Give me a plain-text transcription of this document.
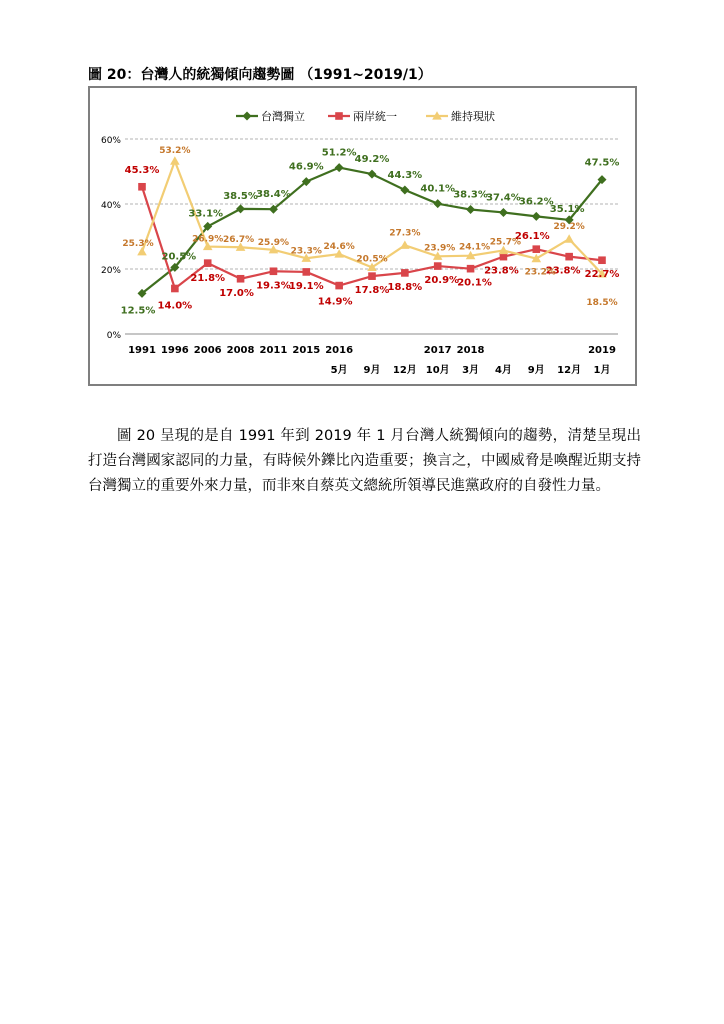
圖 20：台灣人的統獨傾向趨勢圖 （1991~2019/1）
0%
20%
40%
60%
1991 1996 2006 2008 2011 2015 2016	2017 2018	2019
5月 9月 12月 10月 3月 4月 9月 12月 1月
12.5%
20.5%
33.1%
38.5%
38.4%
46.9%
51.2%
49.2%
44.3%
40.1%
38.3%
37.4%
36.2%
35.1%
47.5%
45.3%
14.0%
21.8%
17.0%
19.3%
19.1%
14.9%
17.8%
18.8%
20.9%
20.1%
23.8%
26.1%
23.8% 22.7%
25.3%
53.2%
26.9% 26.7% 25.9%
23.3% 24.6%
20.5%
27.3%
23.9% 24.1%
25.7%
23.2%
29.2%
18.5%
台灣獨立	兩岸統一	維持現狀
圖 20 呈現的是自 1991 年到 2019 年 1 月台灣人統獨傾向的趨勢，清楚呈現出打造台灣國家認同的力量，有時候外鑠比內造重要；換言之，中國威脅是喚醒近期支持台灣獨立的重要外來力量，而非來自蔡英文總統所領導民進黨政府的自發性力量。
